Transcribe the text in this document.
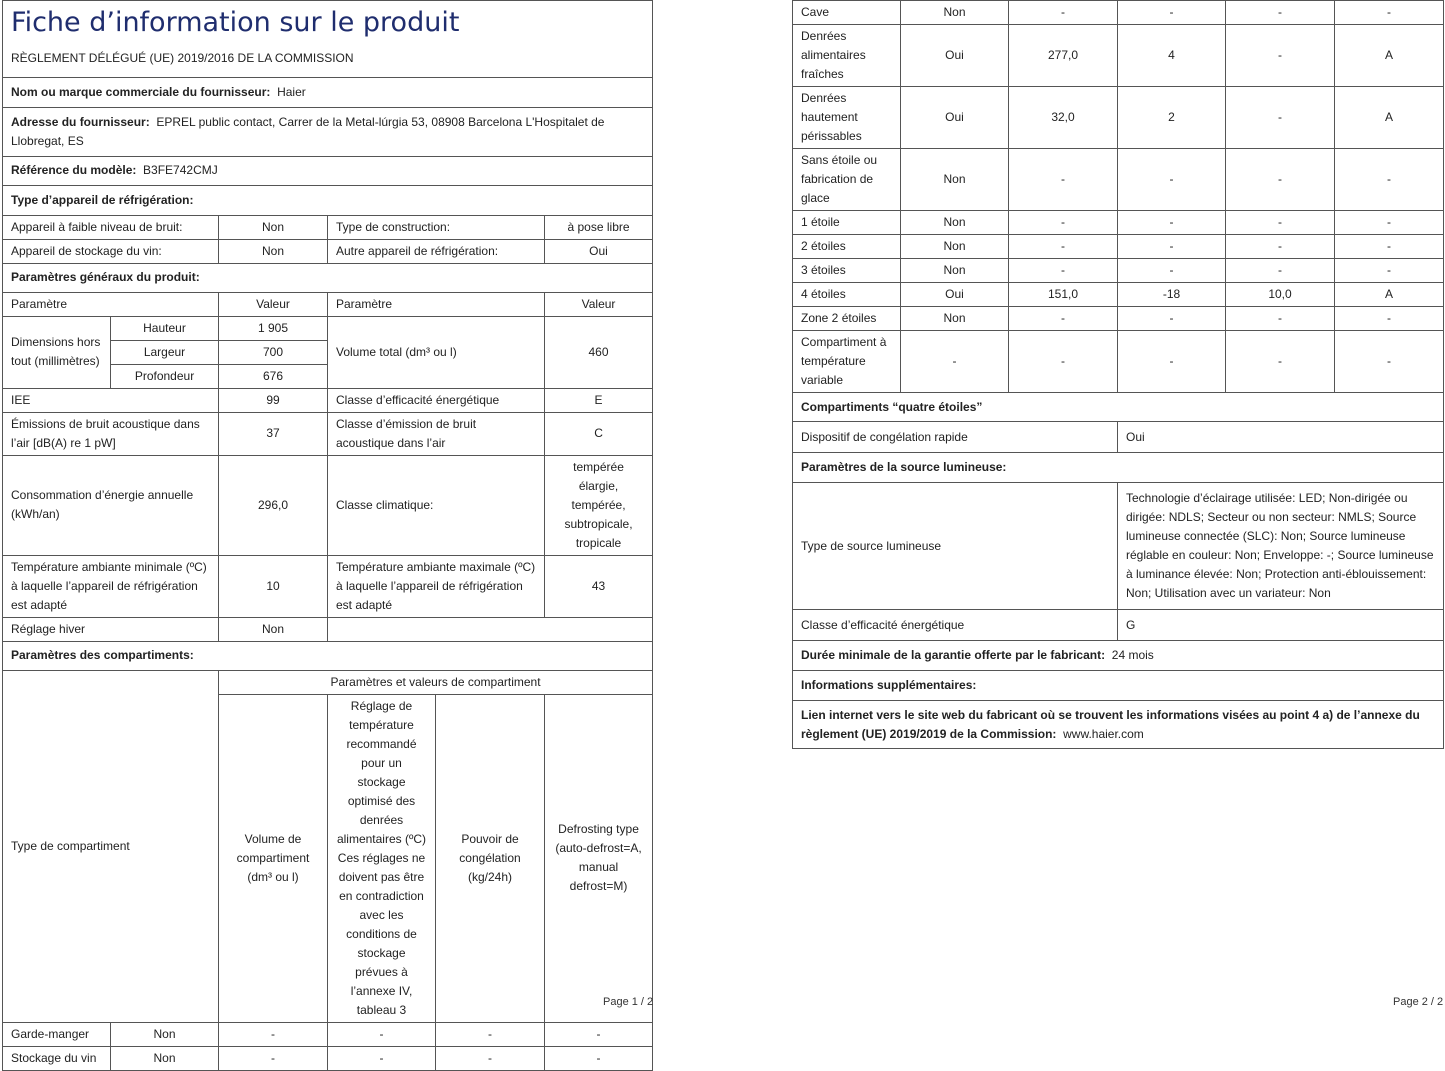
Fiche d’information sur le produit					
RÈGLEMENT DÉLÉGUÉ (UE) 2019/2016 DE LA COMMISSION					
Nom ou marque commerciale du fournisseur: Haier					
Adresse du fournisseur: EPREL public contact, Carrer de la Metal-lúrgia 53, 08908 Barcelona L'Hospitalet de Llobregat, ES					
Référence du modèle: B3FE742CMJ					
Type d’appareil de réfrigération:					
Appareil à faible niveau de bruit:		Non	Type de construction:		à pose libre
Appareil de stockage du vin:		Non	Autre appareil de réfrigération:		Oui
Paramètres généraux du produit:					
Paramètre		Valeur	Paramètre		Valeur
Dimensions hors tout (millimètres)	Hauteur	1 905	Volume total (dm³ ou l)		460
	Largeur	700			
	Profondeur	676			
IEE		99	Classe d’efficacité énergétique		E
Émissions de bruit acoustique dans l’air [dB(A) re 1 pW]		37	Classe d’émission de bruit acoustique dans l’air		C
Consommation d’énergie annuelle (kWh/an)		296,0	Classe climatique:		tempérée élargie, tempérée, subtropicale, tropicale
Température ambiante minimale (ºC) à laquelle l’appareil de réfrigération est adapté		10	Température ambiante maximale (ºC) à laquelle l’appareil de réfrigération est adapté		43
Réglage hiver		Non			
Paramètres des compartiments:					
Type de compartiment		Paramètres et valeurs de compartiment			
		Volume de compartiment (dm³ ou l)	Réglage de température recommandé pour un stockage optimisé des denrées alimentaires (ºC) Ces réglages ne doivent pas être en contradiction avec les conditions de stockage prévues à l’annexe IV, tableau 3	Pouvoir de congélation (kg/24h)	Defrosting type (auto-defrost=A, manual defrost=M)
Garde-manger	Non	-	-	-	-
Stockage du vin	Non	-	-	-	-
Page 1 / 2
Cave	Non	-	-	-	-
Denrées alimentaires fraîches	Oui	277,0	4	-	A
Denrées hautement périssables	Oui	32,0	2	-	A
Sans étoile ou fabrication de glace	Non	-	-	-	-
1 étoile	Non	-	-	-	-
2 étoiles	Non	-	-	-	-
3 étoiles	Non	-	-	-	-
4 étoiles	Oui	151,0	-18	10,0	A
Zone 2 étoiles	Non	-	-	-	-
Compartiment à température variable	-	-	-	-	-
Compartiments “quatre étoiles”					
Dispositif de congélation rapide			Oui		
Paramètres de la source lumineuse:					
Type de source lumineuse			Technologie d’éclairage utilisée: LED; Non-dirigée ou dirigée: NDLS; Secteur ou non secteur: NMLS; Source lumineuse connectée (SLC): Non; Source lumineuse réglable en couleur: Non; Enveloppe: -; Source lumineuse à luminance élevée: Non; Protection anti-éblouissement: Non; Utilisation avec un variateur: Non		
Classe d’efficacité énergétique			G		
Durée minimale de la garantie offerte par le fabricant: 24 mois					
Informations supplémentaires:					
Lien internet vers le site web du fabricant où se trouvent les informations visées au point 4 a) de l’annexe du règlement (UE) 2019/2019 de la Commission: www.haier.com					
Page 2 / 2
